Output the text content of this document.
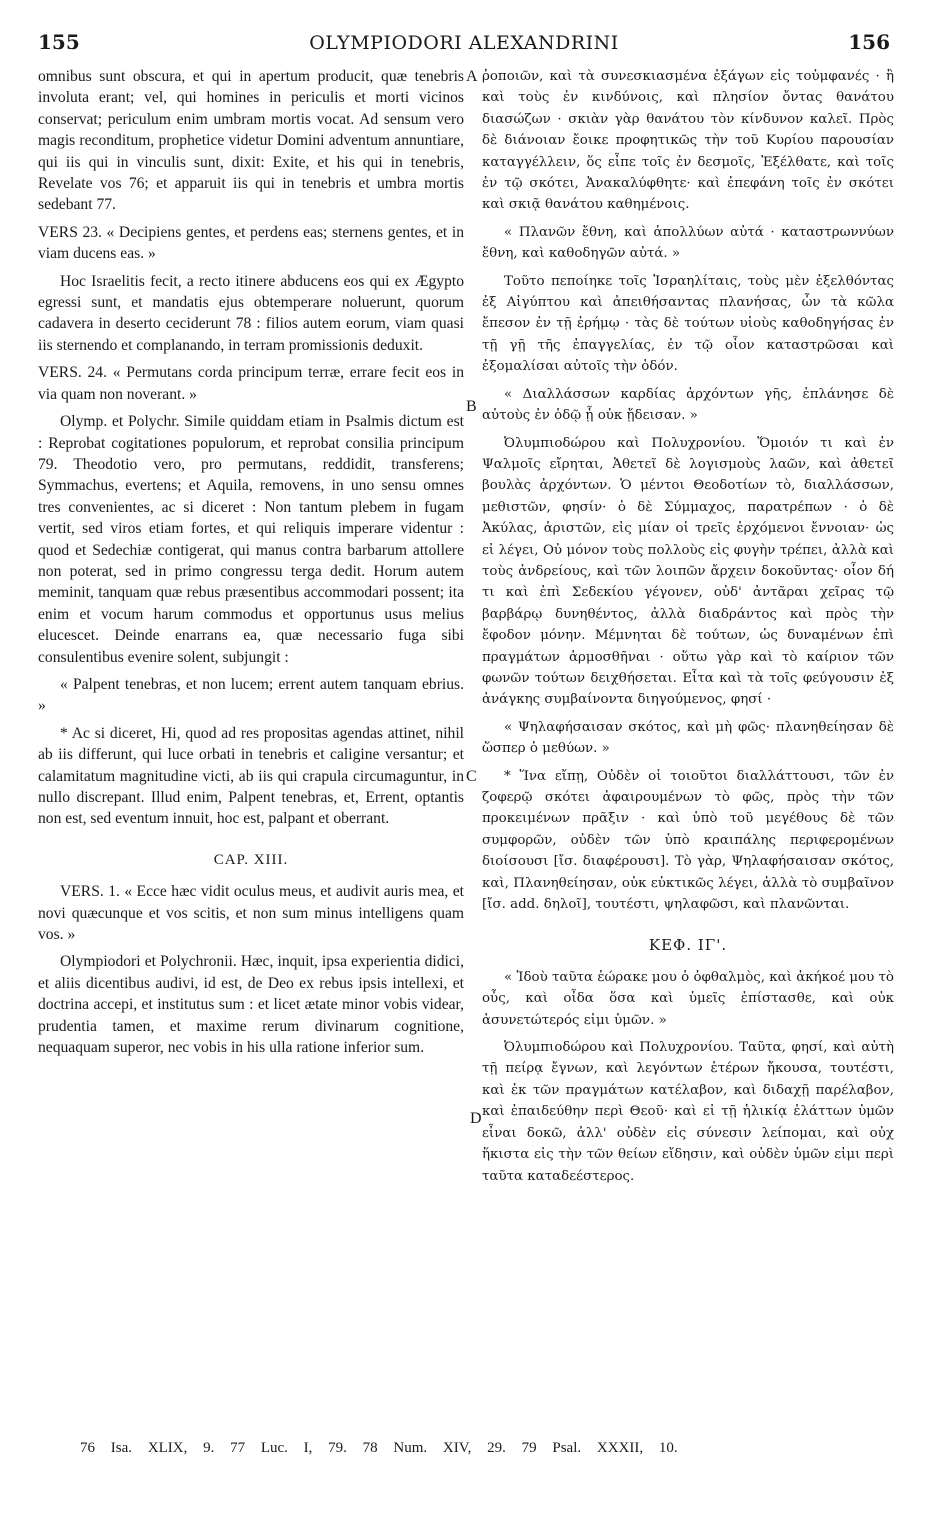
155	OLYMPIODORI ALEXANDRINI	156

omnibus sunt obscura, et qui in apertum producit, quæ tenebris involuta erant; vel, qui homines in periculis et morti vicinos conservat; periculum enim umbram mortis vocat. Ad sensum vero magis reconditum, prophetice videtur Domini adventum annuntiare, qui iis qui in vinculis sunt, dixit: Exite, et his qui in tenebris, Revelate vos 76; et apparuit iis qui in tenebris et umbra mortis sedebant 77.

VERS 23. « Decipiens gentes, et perdens eas; sternens gentes, et in viam ducens eas. »

Hoc Israelitis fecit, a recto itinere abducens eos qui ex Ægypto egressi sunt, et mandatis ejus obtemperare noluerunt, quorum cadavera in deserto ceciderunt 78 : filios autem eorum, viam quasi iis sternendo et complanando, in terram promissionis deduxit.

VERS. 24. « Permutans corda principum terræ, errare fecit eos in via quam non noverant. »

Olymp. et Polychr. Simile quiddam etiam in Psalmis dictum est : Reprobat cogitationes populorum, et reprobat consilia principum 79. Theodotio vero, pro permutans, reddidit, transferens; Symmachus, evertens; et Aquila, removens, in uno sensu omnes tres convenientes, ac si diceret : Non tantum plebem in fugam vertit, sed viros etiam fortes, et qui reliquis imperare videntur : quod et Sedechiæ contigerat, qui manus contra barbarum attollere non poterat, sed in primo congressu terga dedit. Horum autem meminit, tanquam quæ rebus præsentibus accommodari possent; ita enim et vocum harum commodus et opportunus usus melius elucescet. Deinde enarrans ea, quæ necessario fuga sibi consulentibus evenire solent, subjungit :

« Palpent tenebras, et non lucem; errent autem tanquam ebrius. »

* Ac si diceret, Hi, quod ad res propositas agendas attinet, nihil ab iis differunt, qui luce orbati in tenebris et caligine versantur; et calamitatum magnitudine victi, ab iis qui crapula circumaguntur, in nullo discrepant. Illud enim, Palpent tenebras, et, Errent, optantis non est, sed eventum innuit, hoc est, palpant et oberrant.

CAP. XIII.

VERS. 1. « Ecce hæc vidit oculus meus, et audivit auris mea, et novi quæcunque et vos scitis, et non sum minus intelligens quam vos. »

Olympiodori et Polychronii. Hæc, inquit, ipsa experientia didici, et aliis dicentibus audivi, id est, de Deo ex rebus ipsis intellexi, et doctrina accepi, et institutus sum : et licet ætate minor vobis videar, prudentia tamen, et maxime rerum divinarum cognitione, nequaquam superor, nec vobis in his ulla ratione inferior sum.

A
B
C
D

ῥοποιῶν, καὶ τὰ συνεσκιασμένα ἐξάγων εἰς τοὐμφανές · ἢ καὶ τοὺς ἐν κινδύνοις, καὶ πλησίον ὄντας θανάτου διασώζων · σκιὰν γὰρ θανάτου τὸν κίνδυνον καλεῖ. Πρὸς δὲ διάνοιαν ἔοικε προφητικῶς τὴν τοῦ Κυρίου παρουσίαν καταγγέλλειν, ὅς εἶπε τοῖς ἐν δεσμοῖς, Ἐξέλθατε, καὶ τοῖς ἐν τῷ σκότει, Ἀνακαλύφθητε· καὶ ἐπεφάνη τοῖς ἐν σκότει καὶ σκιᾷ θανάτου καθημένοις.

« Πλανῶν ἔθνη, καὶ ἀπολλύων αὐτά · καταστρωννύων ἔθνη, καὶ καθοδηγῶν αὐτά. »

Τοῦτο πεποίηκε τοῖς Ἰσραηλίταις, τοὺς μὲν ἐξελθόντας ἐξ Αἰγύπτου καὶ ἀπειθήσαντας πλανήσας, ὧν τὰ κῶλα ἔπεσον ἐν τῇ ἐρήμῳ · τὰς δὲ τούτων υἱοὺς καθοδηγήσας ἐν τῇ γῇ τῆς ἐπαγγελίας, ἐν τῷ οἷον καταστρῶσαι καὶ ἐξομαλίσαι αὐτοῖς τὴν ὁδόν.

« Διαλλάσσων καρδίας ἀρχόντων γῆς, ἐπλάνησε δὲ αὐτοὺς ἐν ὁδῷ ᾗ οὐκ ᾔδεισαν. »

Ὀλυμπιοδώρου καὶ Πολυχρονίου. Ὅμοιόν τι καὶ ἐν Ψαλμοῖς εἴρηται, Ἀθετεῖ δὲ λογισμοὺς λαῶν, καὶ ἀθετεῖ βουλὰς ἀρχόντων. Ὁ μέντοι Θεοδοτίων τὸ, διαλλάσσων, μεθιστῶν, φησίν· ὁ δὲ Σύμμαχος, παρατρέπων · ὁ δὲ Ἀκύλας, ἀριστῶν, εἰς μίαν οἱ τρεῖς ἐρχόμενοι ἔννοιαν· ὡς εἰ λέγει, Οὐ μόνον τοὺς πολλοὺς εἰς φυγὴν τρέπει, ἀλλὰ καὶ τοὺς ἀνδρείους, καὶ τῶν λοιπῶν ἄρχειν δοκοῦντας· οἷον δή τι καὶ ἐπὶ Σεδεκίου γέγονεν, οὐδ' ἀντᾶραι χεῖρας τῷ βαρβάρῳ δυνηθέντος, ἀλλὰ διαδράντος καὶ πρὸς τὴν ἔφοδον μόνην. Μέμνηται δὲ τούτων, ὡς δυναμένων ἐπὶ πραγμάτων ἁρμοσθῆναι · οὕτω γὰρ καὶ τὸ καίριον τῶν φωνῶν τούτων δειχθήσεται. Εἶτα καὶ τὰ τοῖς φεύγουσιν ἐξ ἀνάγκης συμβαίνοντα διηγούμενος, φησί ·

« Ψηλαφήσαισαν σκότος, καὶ μὴ φῶς· πλανηθείησαν δὲ ὥσπερ ὁ μεθύων. »

* Ἵνα εἴπῃ, Οὐδὲν οἱ τοιοῦτοι διαλλάττουσι, τῶν ἐν ζοφερῷ σκότει ἀφαιρουμένων τὸ φῶς, πρὸς τὴν τῶν προκειμένων πρᾶξιν · καὶ ὑπὸ τοῦ μεγέθους δὲ τῶν συμφορῶν, οὐδὲν τῶν ὑπὸ κραιπάλης περιφερομένων διοίσουσι [ἴσ. διαφέρουσι]. Τὸ γὰρ, Ψηλαφήσαισαν σκότος, καὶ, Πλανηθείησαν, οὐκ εὐκτικῶς λέγει, ἀλλὰ τὸ συμβαῖνον [ἴσ. add. δηλοῖ], τουτέστι, ψηλαφῶσι, καὶ πλανῶνται.

ΚΕΦ. ΙΓ'.

« Ἰδοὺ ταῦτα ἑώρακε μου ὁ ὀφθαλμὸς, καὶ ἀκήκοέ μου τὸ οὖς, καὶ οἶδα ὅσα καὶ ὑμεῖς ἐπίστασθε, καὶ οὐκ ἀσυνετώτερός εἰμι ὑμῶν. »

Ὀλυμπιοδώρου καὶ Πολυχρονίου. Ταῦτα, φησί, καὶ αὐτὴ τῇ πείρᾳ ἔγνων, καὶ λεγόντων ἑτέρων ἤκουσα, τουτέστι, καὶ ἐκ τῶν πραγμάτων κατέλαβον, καὶ διδαχῇ παρέλαβον, καὶ ἐπαιδεύθην περὶ Θεοῦ· καὶ εἰ τῇ ἡλικίᾳ ἐλάττων ὑμῶν εἶναι δοκῶ, ἀλλ' οὐδὲν εἰς σύνεσιν λείπομαι, καὶ οὐχ ἥκιστα εἰς τὴν τῶν θείων εἴδησιν, καὶ οὐδὲν ὑμῶν εἰμι περὶ ταῦτα καταδεέστερος.

76 Isa. XLIX, 9. 77 Luc. I, 79. 78 Num. XIV, 29. 79 Psal. XXXII, 10.
